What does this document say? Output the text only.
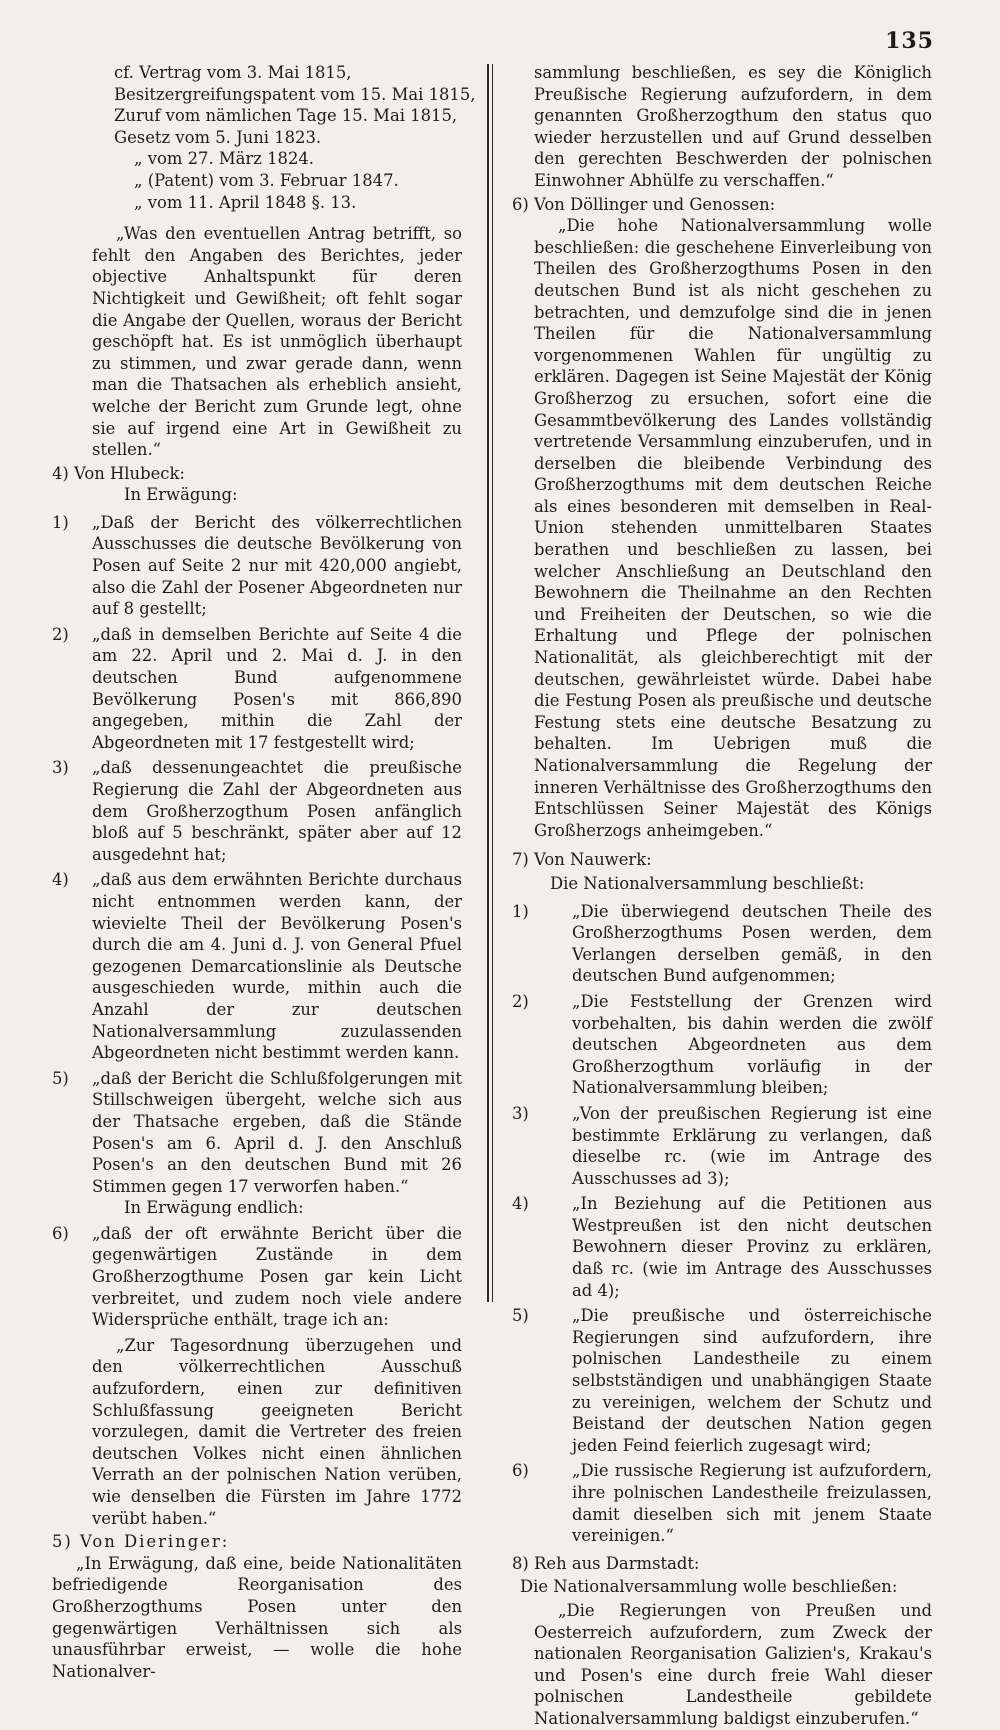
135
cf. Vertrag vom 3. Mai 1815,
Besitzergreifungspatent vom 15. Mai 1815,
Zuruf vom nämlichen Tage 15. Mai 1815,
Gesetz vom 5. Juni 1823.
„ vom 27. März 1824.
„ (Patent) vom 3. Februar 1847.
„ vom 11. April 1848 §. 13.

„Was den eventuellen Antrag betrifft, so fehlt den Angaben des Berichtes, jeder objective Anhaltspunkt für deren Nichtigkeit und Gewißheit; oft fehlt sogar die Angabe der Quellen, woraus der Bericht geschöpft hat. Es ist unmöglich überhaupt zu stimmen, und zwar gerade dann, wenn man die Thatsachen als erheblich ansieht, welche der Bericht zum Grunde legt, ohne sie auf irgend eine Art in Gewißheit zu stellen.“

4) Von Hlubeck:

In Erwägung:

1) „Daß der Bericht des völkerrechtlichen Ausschusses die deutsche Bevölkerung von Posen auf Seite 2 nur mit 420,000 angiebt, also die Zahl der Posener Abgeordneten nur auf 8 gestellt;
2) „daß in demselben Berichte auf Seite 4 die am 22. April und 2. Mai d. J. in den deutschen Bund aufgenommene Bevölkerung Posen's mit 866,890 angegeben, mithin die Zahl der Abgeordneten mit 17 festgestellt wird;
3) „daß dessenungeachtet die preußische Regierung die Zahl der Abgeordneten aus dem Großherzogthum Posen anfänglich bloß auf 5 beschränkt, später aber auf 12 ausgedehnt hat;
4) „daß aus dem erwähnten Berichte durchaus nicht entnommen werden kann, der wievielte Theil der Bevölkerung Posen's durch die am 4. Juni d. J. von General Pfuel gezogenen Demarcationslinie als Deutsche ausgeschieden wurde, mithin auch die Anzahl der zur deutschen Nationalversammlung zuzulassenden Abgeordneten nicht bestimmt werden kann.
5) „daß der Bericht die Schlußfolgerungen mit Stillschweigen übergeht, welche sich aus der Thatsache ergeben, daß die Stände Posen's am 6. April d. J. den Anschluß Posen's an den deutschen Bund mit 26 Stimmen gegen 17 verworfen haben.“

In Erwägung endlich:

6) „daß der oft erwähnte Bericht über die gegenwärtigen Zustände in dem Großherzogthume Posen gar kein Licht verbreitet, und zudem noch viele andere Widersprüche enthält, trage ich an:

„Zur Tagesordnung überzugehen und den völkerrechtlichen Ausschuß aufzufordern, einen zur definitiven Schlußfassung geeigneten Bericht vorzulegen, damit die Vertreter des freien deutschen Volkes nicht einen ähnlichen Verrath an der polnischen Nation verüben, wie denselben die Fürsten im Jahre 1772 verübt haben.“

5) Von Dieringer:

„In Erwägung, daß eine, beide Nationalitäten befriedigende Reorganisation des Großherzogthums Posen unter den gegenwärtigen Verhältnissen sich als unausführbar erweist, — wolle die hohe Nationalver-

sammlung beschließen, es sey die Königlich Preußische Regierung aufzufordern, in dem genannten Großherzogthum den status quo wieder herzustellen und auf Grund desselben den gerechten Beschwerden der polnischen Einwohner Abhülfe zu verschaffen.“

6) Von Döllinger und Genossen:

„Die hohe Nationalversammlung wolle beschließen: die geschehene Einverleibung von Theilen des Großherzogthums Posen in den deutschen Bund ist als nicht geschehen zu betrachten, und demzufolge sind die in jenen Theilen für die Nationalversammlung vorgenommenen Wahlen für ungültig zu erklären. Dagegen ist Seine Majestät der König Großherzog zu ersuchen, sofort eine die Gesammtbevölkerung des Landes vollständig vertretende Versammlung einzuberufen, und in derselben die bleibende Verbindung des Großherzogthums mit dem deutschen Reiche als eines besonderen mit demselben in Real-Union stehenden unmittelbaren Staates berathen und beschließen zu lassen, bei welcher Anschließung an Deutschland den Bewohnern die Theilnahme an den Rechten und Freiheiten der Deutschen, so wie die Erhaltung und Pflege der polnischen Nationalität, als gleichberechtigt mit der deutschen, gewährleistet würde. Dabei habe die Festung Posen als preußische und deutsche Festung stets eine deutsche Besatzung zu behalten. Im Uebrigen muß die Nationalversammlung die Regelung der inneren Verhältnisse des Großherzogthums den Entschlüssen Seiner Majestät des Königs Großherzogs anheimgeben.“

7) Von Nauwerk:

Die Nationalversammlung beschließt:

1)	„Die überwiegend deutschen Theile des Großherzogthums Posen werden, dem Verlangen derselben gemäß, in den deutschen Bund aufgenommen;
2)	„Die Feststellung der Grenzen wird vorbehalten, bis dahin werden die zwölf deutschen Abgeordneten aus dem Großherzogthum vorläufig in der Nationalversammlung bleiben;
3)	„Von der preußischen Regierung ist eine bestimmte Erklärung zu verlangen, daß dieselbe rc. (wie im Antrage des Ausschusses ad 3);
4)	„In Beziehung auf die Petitionen aus Westpreußen ist den nicht deutschen Bewohnern dieser Provinz zu erklären, daß rc. (wie im Antrage des Ausschusses ad 4);
5)	„Die preußische und österreichische Regierungen sind aufzufordern, ihre polnischen Landestheile zu einem selbstständigen und unabhängigen Staate zu vereinigen, welchem der Schutz und Beistand der deutschen Nation gegen jeden Feind feierlich zugesagt wird;
6)	„Die russische Regierung ist aufzufordern, ihre polnischen Landestheile freizulassen, damit dieselben sich mit jenem Staate vereinigen.“

8) Reh aus Darmstadt:

Die Nationalversammlung wolle beschließen:

„Die Regierungen von Preußen und Oesterreich aufzufordern, zum Zweck der nationalen Reorganisation Galizien's, Krakau's und Posen's eine durch freie Wahl dieser polnischen Landestheile gebildete Nationalversammlung baldigst einzuberufen.“
